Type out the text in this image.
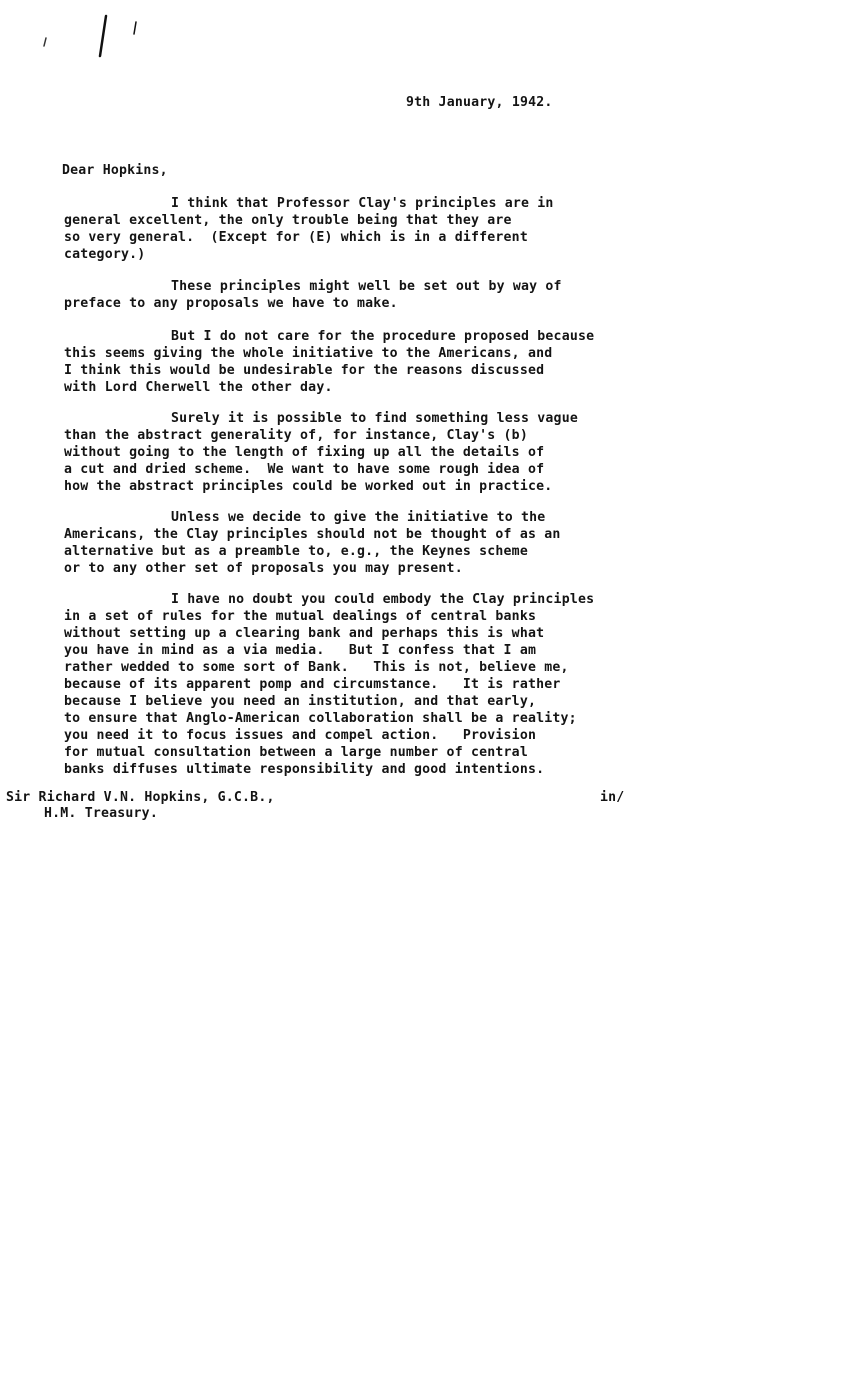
9th January, 1942.
Dear Hopkins,
I think that Professor Clay's principles are in
general excellent, the only trouble being that they are
so very general.  (Except for (E) which is in a different
category.)
These principles might well be set out by way of
preface to any proposals we have to make.
But I do not care for the procedure proposed because
this seems giving the whole initiative to the Americans, and
I think this would be undesirable for the reasons discussed
with Lord Cherwell the other day.
Surely it is possible to find something less vague
than the abstract generality of, for instance, Clay's (b)
without going to the length of fixing up all the details of
a cut and dried scheme.  We want to have some rough idea of
how the abstract principles could be worked out in practice.
Unless we decide to give the initiative to the
Americans, the Clay principles should not be thought of as an
alternative but as a preamble to, e.g., the Keynes scheme
or to any other set of proposals you may present.
I have no doubt you could embody the Clay principles
in a set of rules for the mutual dealings of central banks
without setting up a clearing bank and perhaps this is what
you have in mind as a via media.   But I confess that I am
rather wedded to some sort of Bank.   This is not, believe me,
because of its apparent pomp and circumstance.   It is rather
because I believe you need an institution, and that early,
to ensure that Anglo-American collaboration shall be a reality;
you need it to focus issues and compel action.   Provision
for mutual consultation between a large number of central
banks diffuses ultimate responsibility and good intentions.
Sir Richard V.N. Hopkins, G.C.B.,	in/
H.M. Treasury.
